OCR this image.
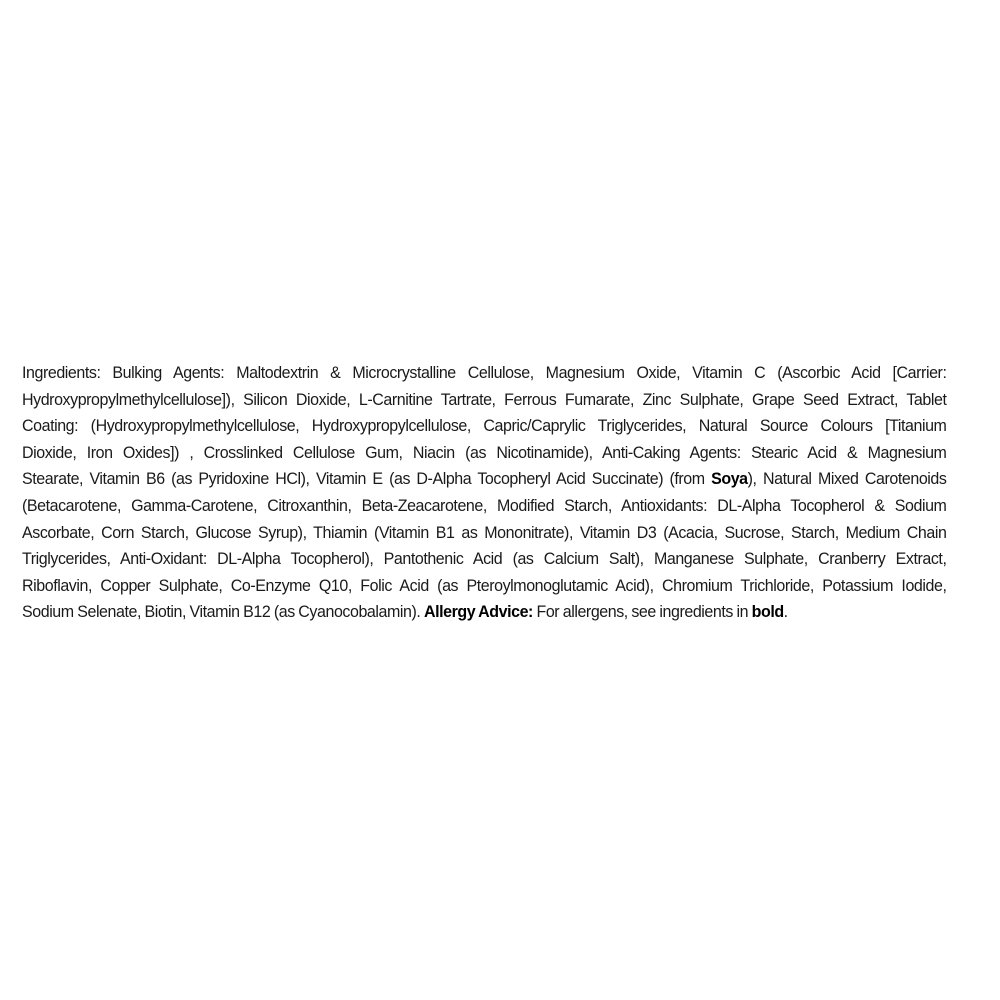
Ingredients: Bulking Agents: Maltodextrin & Microcrystalline Cellulose, Magnesium Oxide, Vitamin C (Ascorbic Acid [Carrier:
Hydroxypropylmethylcellulose]), Silicon Dioxide, L-Carnitine Tartrate, Ferrous Fumarate, Zinc Sulphate, Grape Seed Extract, Tablet
Coating: (Hydroxypropylmethylcellulose, Hydroxypropylcellulose, Capric/Caprylic Triglycerides, Natural Source Colours [Titanium
Dioxide, Iron Oxides]) , Crosslinked Cellulose Gum, Niacin (as Nicotinamide), Anti-Caking Agents: Stearic Acid & Magnesium
Stearate, Vitamin B6 (as Pyridoxine HCl), Vitamin E (as D-Alpha Tocopheryl Acid Succinate) (from Soya), Natural Mixed Carotenoids
(Betacarotene, Gamma-Carotene, Citroxanthin, Beta-Zeacarotene, Modified Starch, Antioxidants: DL-Alpha Tocopherol & Sodium
Ascorbate, Corn Starch, Glucose Syrup), Thiamin (Vitamin B1 as Mononitrate), Vitamin D3 (Acacia, Sucrose, Starch, Medium Chain
Triglycerides, Anti-Oxidant: DL-Alpha Tocopherol), Pantothenic Acid (as Calcium Salt), Manganese Sulphate, Cranberry Extract,
Riboflavin, Copper Sulphate, Co-Enzyme Q10, Folic Acid (as Pteroylmonoglutamic Acid), Chromium Trichloride, Potassium Iodide,
Sodium Selenate, Biotin, Vitamin B12 (as Cyanocobalamin). Allergy Advice: For allergens, see ingredients in bold.
